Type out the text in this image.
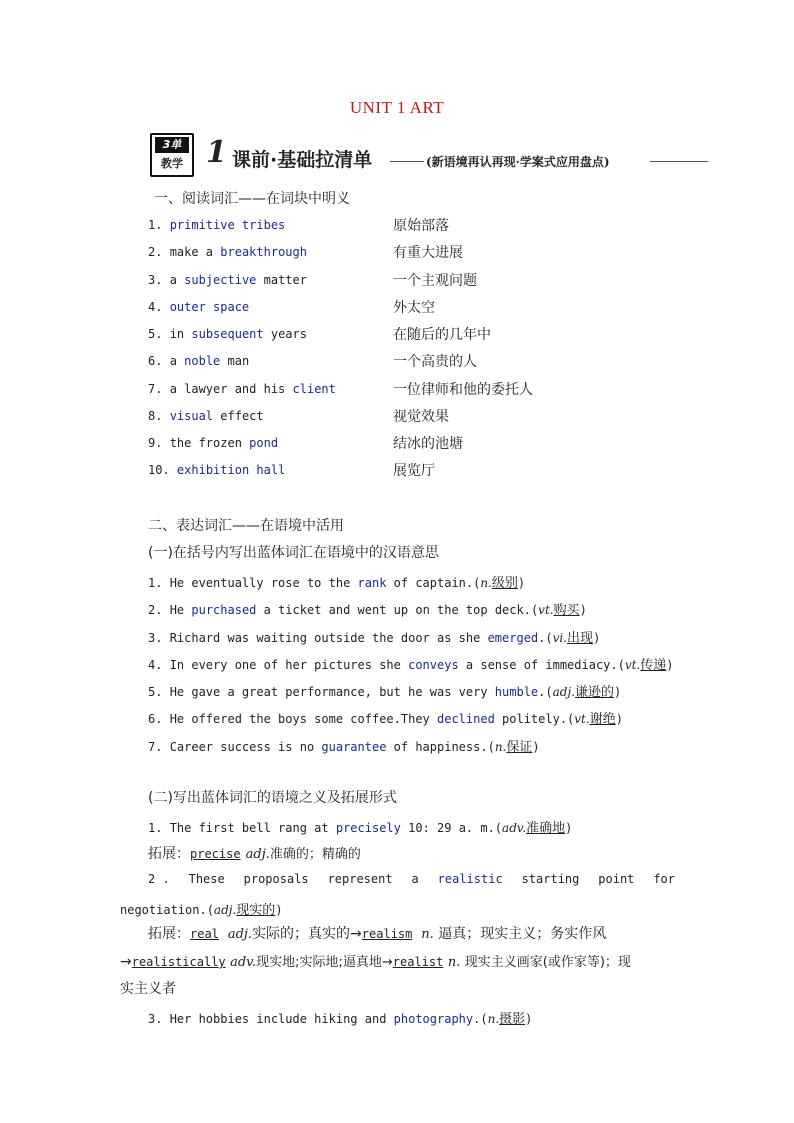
UNIT 1 ART
3单
教学 1 课前·基础拉清单	(新语境再认再现·学案式应用盘点)
一、阅读词汇——在词块中明义
1. primitive tribes	原始部落
2. make a breakthrough	有重大进展
3. a subjective matter	一个主观问题
4. outer space	外太空
5. in subsequent years	在随后的几年中
6. a noble man	一个高贵的人
7. a lawyer and his client	一位律师和他的委托人
8. visual effect	视觉效果
9. the frozen pond	结冰的池塘
10. exhibition hall	展览厅
二、表达词汇——在语境中活用
(一)在括号内写出蓝体词汇在语境中的汉语意思
1. He eventually rose to the rank of captain.(n.级别)
2. He purchased a ticket and went up on the top deck.(vt.购买)
3. Richard was waiting outside the door as she emerged.(vi.出现)
4. In every one of her pictures she conveys a sense of immediacy.(vt.传递)
5. He gave a great performance, but he was very humble.(adj.谦逊的)
6. He offered the boys some coffee.They declined politely.(vt.谢绝)
7. Career success is no guarantee of happiness.(n.保证)
(二)写出蓝体词汇的语境之义及拓展形式
1. The first bell rang at precisely 10: 29 a. m.(adv.准确地)
拓展：precise adj.准确的；精确的
2 . These proposals represent a realistic starting point for
negotiation.(adj.现实的)
拓展：real adj.实际的；真实的→realism n. 逼真；现实主义；务实作风
→realistically adv.现实地;实际地;逼真地→realist n. 现实主义画家(或作家等)；现
实主义者
3. Her hobbies include hiking and photography.(n.摄影)
